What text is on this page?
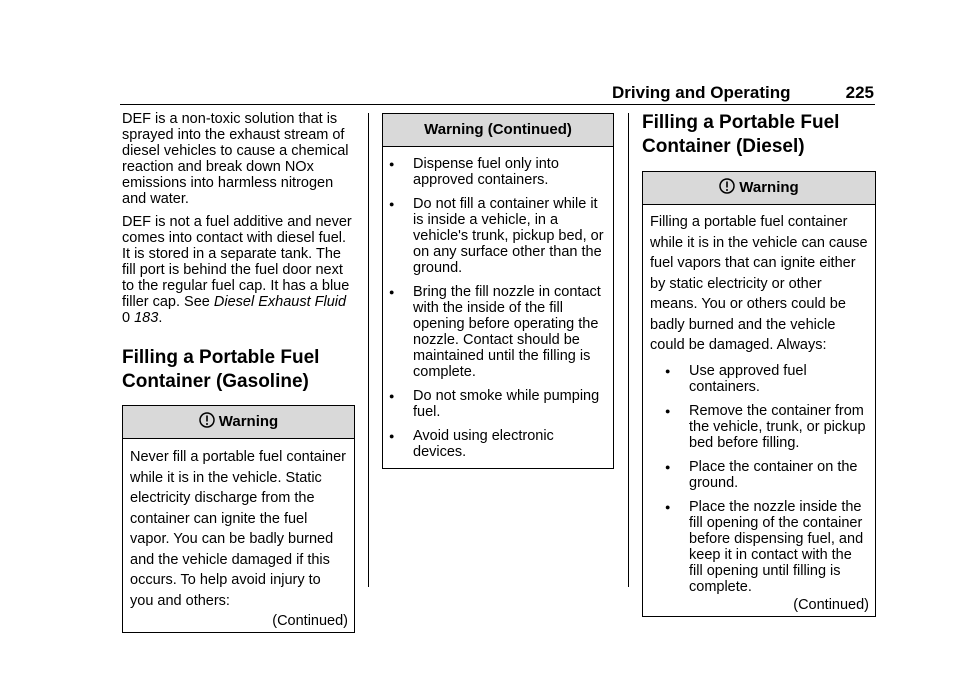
Driving and Operating	225

DEF is a non-toxic solution that is sprayed into the exhaust stream of diesel vehicles to cause a chemical reaction and break down NOx emissions into harmless nitrogen and water.

DEF is not a fuel additive and never comes into contact with diesel fuel. It is stored in a separate tank. The fill port is behind the fuel door next to the regular fuel cap. It has a blue filler cap. See Diesel Exhaust Fluid
0 183.

Filling a Portable Fuel Container (Gasoline)
Warning

Never fill a portable fuel container while it is in the vehicle. Static electricity discharge from the container can ignite the fuel vapor. You can be badly burned and the vehicle damaged if this occurs. To help avoid injury to you and others:

(Continued)
Warning (Continued)
●	Dispense fuel only into approved containers.
●	Do not fill a container while it is inside a vehicle, in a vehicle's trunk, pickup bed, or on any surface other than the ground.
●	Bring the fill nozzle in contact with the inside of the fill opening before operating the nozzle. Contact should be maintained until the filling is complete.
●	Do not smoke while pumping fuel.
●	Avoid using electronic devices.
Filling a Portable Fuel Container (Diesel)
Warning

Filling a portable fuel container while it is in the vehicle can cause fuel vapors that can ignite either by static electricity or other means. You or others could be badly burned and the vehicle could be damaged. Always:

●	Use approved fuel containers.
●	Remove the container from the vehicle, trunk, or pickup bed before filling.
●	Place the container on the ground.
●	Place the nozzle inside the fill opening of the container before dispensing fuel, and keep it in contact with the fill opening until filling is complete.
(Continued)
